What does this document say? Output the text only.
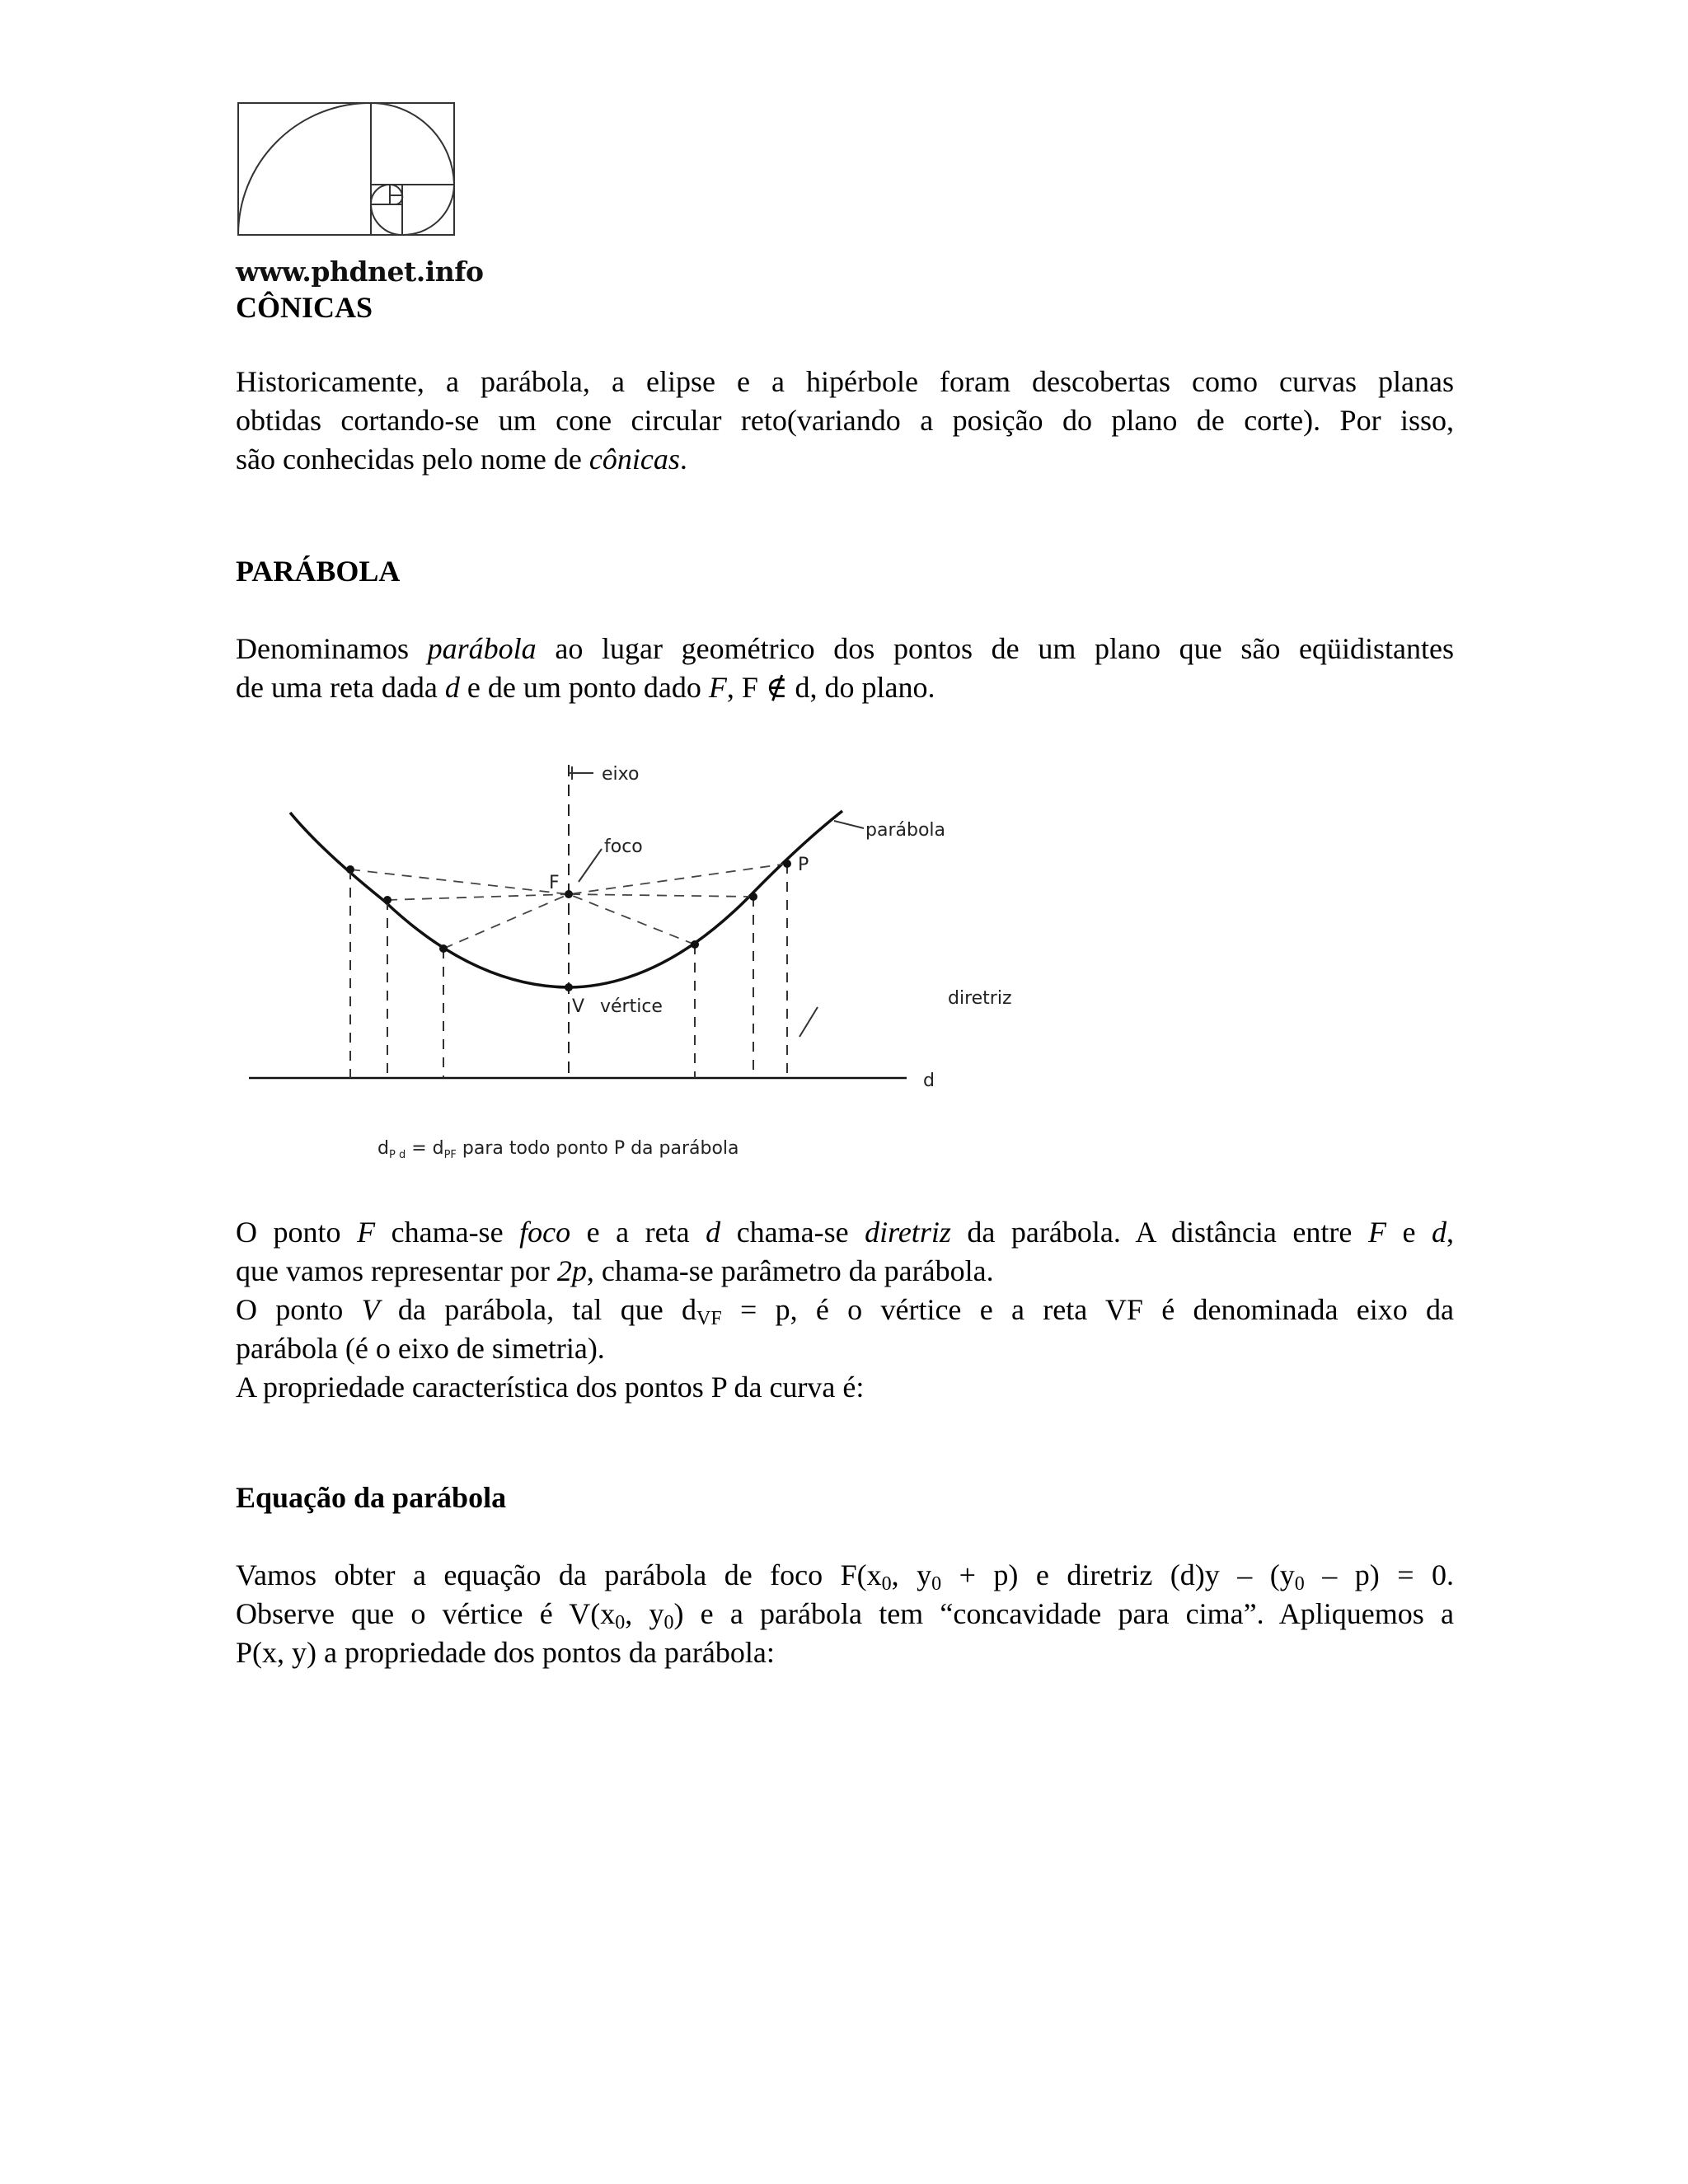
www.phdnet.info
CÔNICAS
Historicamente, a parábola, a elipse e a hipérbole foram descobertas como curvas planas
obtidas cortando-se um cone circular reto(variando a posição do plano de corte). Por isso,
são conhecidas pelo nome de cônicas.
PARÁBOLA
Denominamos parábola ao lugar geométrico dos pontos de um plano que são eqüidistantes
de uma reta dada d e de um ponto dado F, F ∉ d, do plano.
eixo
foco
parábola
F
P
V vértice	diretriz
d
$d_{P d} = d_{PF}$ para todo ponto P da parábola
O ponto F chama-se foco e a reta d chama-se diretriz da parábola. A distância entre F e d,
que vamos representar por 2p, chama-se parâmetro da parábola.
O ponto V da parábola, tal que $d_{VF} = p$, é o vértice e a reta VF é denominada eixo da
parábola (é o eixo de simetria).
A propriedade característica dos pontos P da curva é:
Equação da parábola
Vamos obter a equação da parábola de foco $F(x_0$, $y_0 + p$) e diretriz $(d)y - (y_0 - p) = 0$.
Observe que o vértice é $V(x_0$, $y_0$) e a parábola tem “concavidade para cima”. Apliquemos a
P(x, y) a propriedade dos pontos da parábola:
